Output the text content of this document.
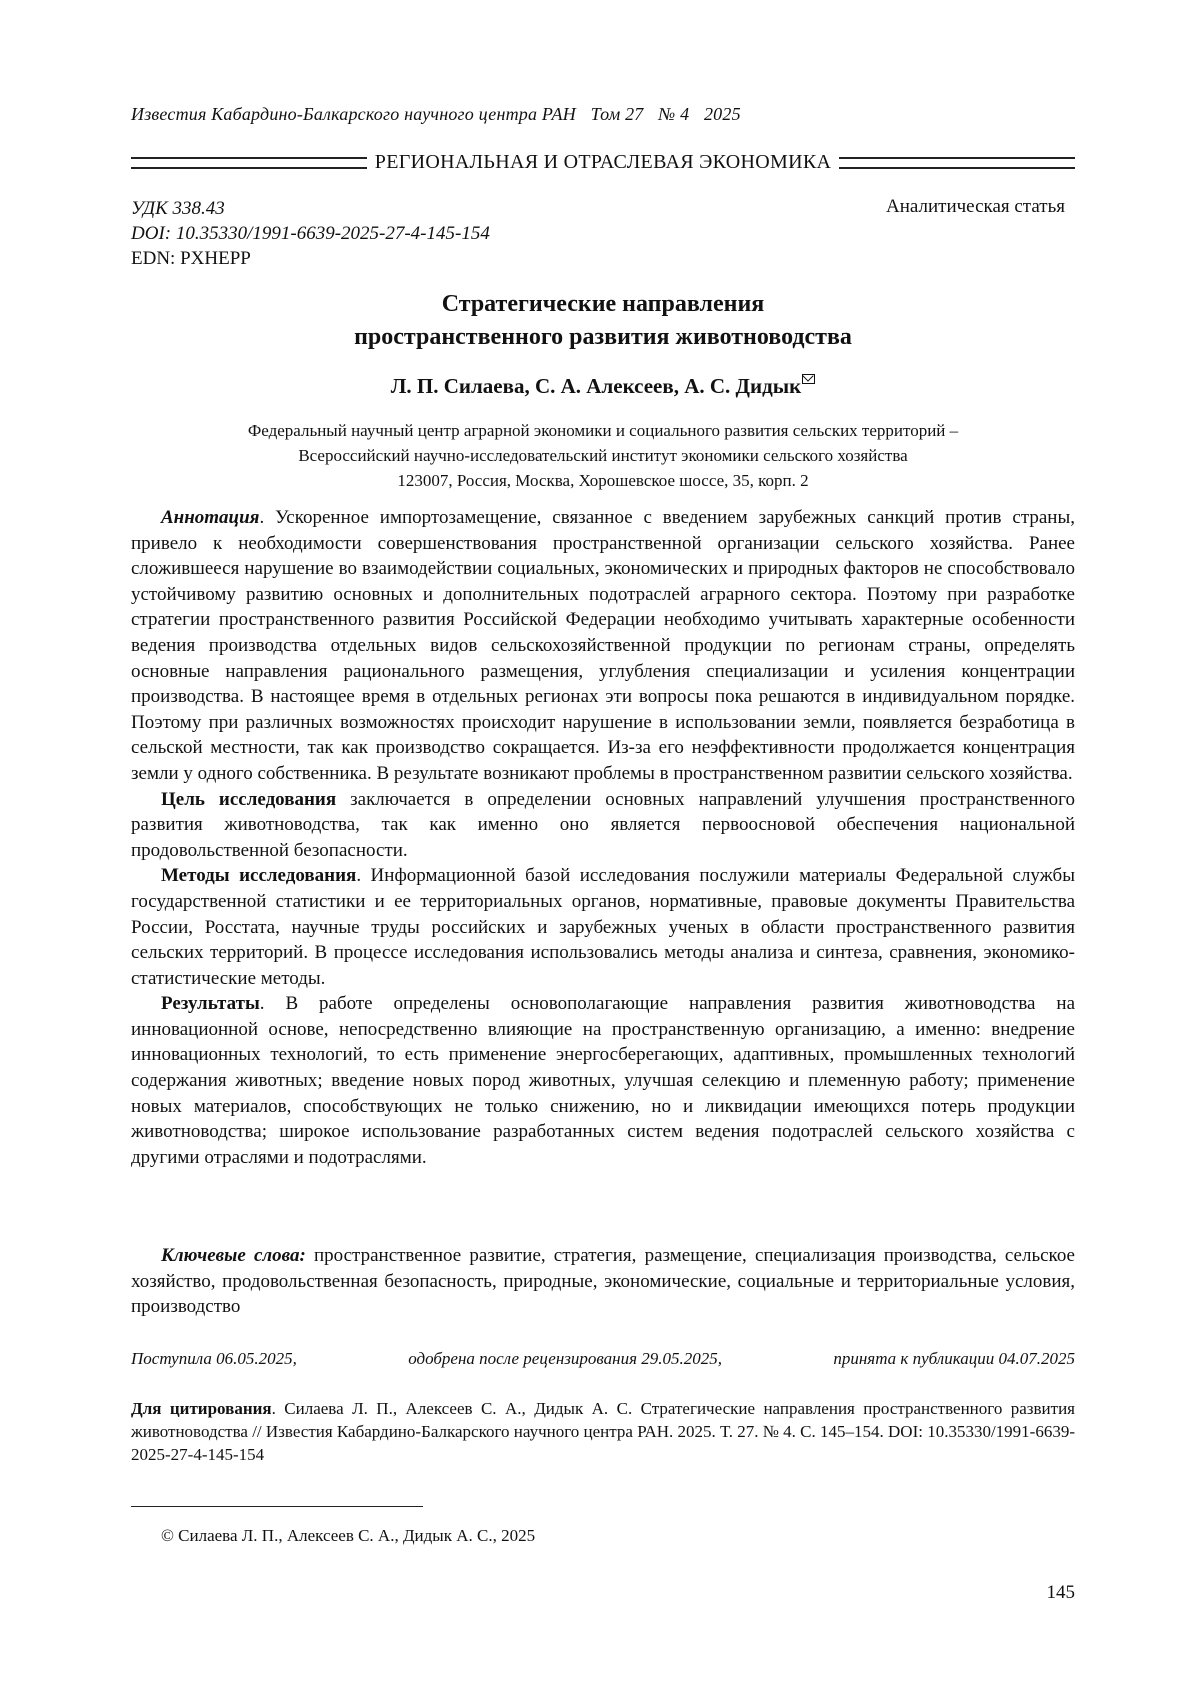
Известия Кабардино-Балкарского научного центра РАН Том 27 № 4 2025
РЕГИОНАЛЬНАЯ И ОТРАСЛЕВАЯ ЭКОНОМИКА
УДК 338.43
DOI: 10.35330/1991-6639-2025-27-4-145-154
EDN: PXHEPP
Аналитическая статья
Стратегические направления
пространственного развития животноводства
Л. П. Силаева, С. А. Алексеев, А. С. Дидык
Федеральный научный центр аграрной экономики и социального развития сельских территорий –
Всероссийский научно-исследовательский институт экономики сельского хозяйства
123007, Россия, Москва, Хорошевское шоссе, 35, корп. 2

Аннотация. Ускоренное импортозамещение, связанное с введением зарубежных санкций против страны, привело к необходимости совершенствования пространственной организации сельского хозяйства. Ранее сложившееся нарушение во взаимодействии социальных, экономических и природных факторов не способствовало устойчивому развитию основных и дополнительных подотраслей аграрного сектора. Поэтому при разработке стратегии пространственного развития Российской Федерации необходимо учитывать характерные особенности ведения производства отдельных видов сельскохозяйственной продукции по регионам страны, определять основные направления рационального размещения, углубления специализации и усиления концентрации производства. В настоящее время в отдельных регионах эти вопросы пока решаются в индивидуальном порядке. Поэтому при различных возможностях происходит нарушение в использовании земли, появляется безработица в сельской местности, так как производство сокращается. Из-за его неэффективности продолжается концентрация земли у одного собственника. В результате возникают проблемы в пространственном развитии сельского хозяйства.

Цель исследования заключается в определении основных направлений улучшения пространственного развития животноводства, так как именно оно является первоосновой обеспечения национальной продовольственной безопасности.

Методы исследования. Информационной базой исследования послужили материалы Федеральной службы государственной статистики и ее территориальных органов, нормативные, правовые документы Правительства России, Росстата, научные труды российских и зарубежных ученых в области пространственного развития сельских территорий. В процессе исследования использовались методы анализа и синтеза, сравнения, экономико-статистические методы.

Результаты. В работе определены основополагающие направления развития животноводства на инновационной основе, непосредственно влияющие на пространственную организацию, а именно: внедрение инновационных технологий, то есть применение энергосберегающих, адаптивных, промышленных технологий содержания животных; введение новых пород животных, улучшая селекцию и племенную работу; применение новых материалов, способствующих не только снижению, но и ликвидации имеющихся потерь продукции животноводства; широкое использование разработанных систем ведения подотраслей сельского хозяйства с другими отраслями и подотраслями.

Ключевые слова: пространственное развитие, стратегия, размещение, специализация производства, сельское хозяйство, продовольственная безопасность, природные, экономические, социальные и территориальные условия, производство

Поступила 06.05.2025,	одобрена после рецензирования 29.05.2025,	принята к публикации 04.07.2025
Для цитирования. Силаева Л. П., Алексеев С. А., Дидык А. С. Стратегические направления пространственного развития животноводства // Известия Кабардино-Балкарского научного центра РАН. 2025. Т. 27. № 4. С. 145–154. DOI: 10.35330/1991-6639-2025-27-4-145-154
© Силаева Л. П., Алексеев С. А., Дидык А. С., 2025
145
